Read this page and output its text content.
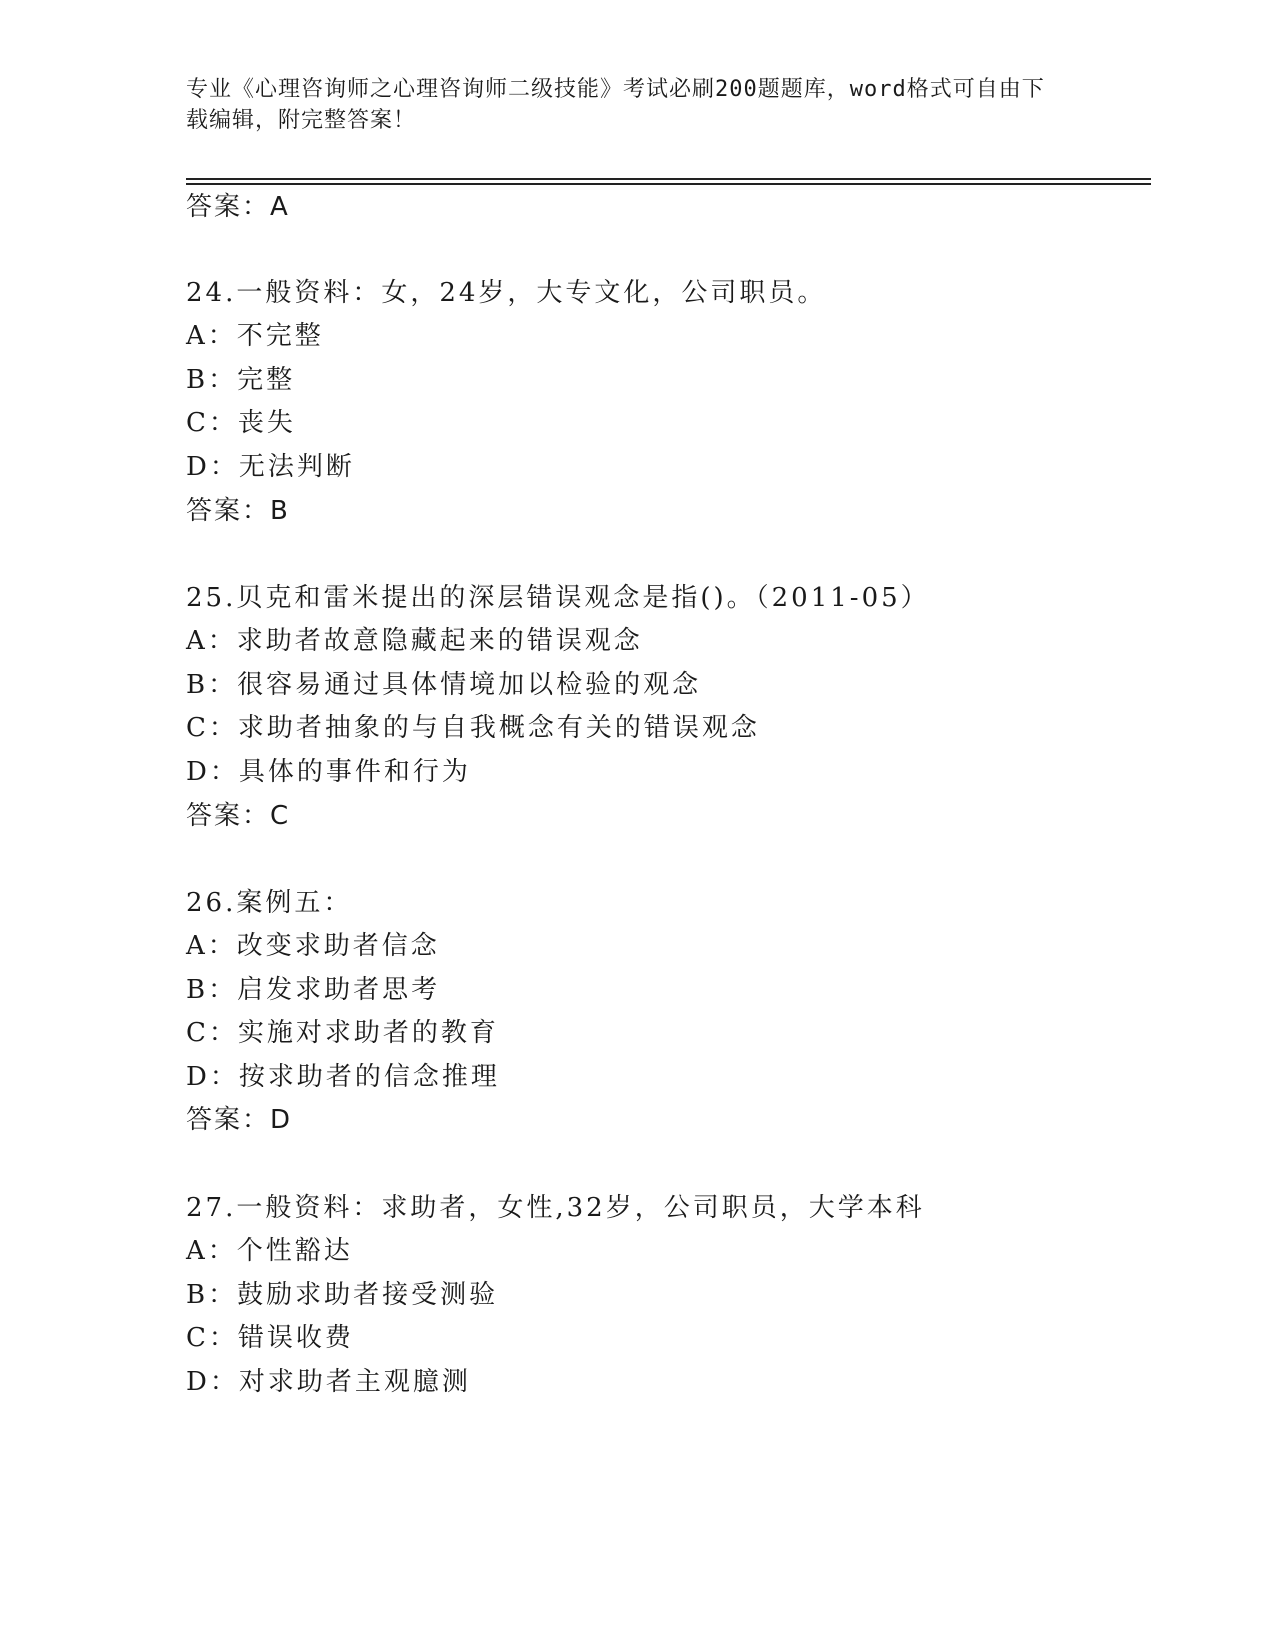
专业《心理咨询师之心理咨询师二级技能》考试必刷200题题库，word格式可自由下载编辑，附完整答案！
答案：A
24.一般资料：女，24岁，大专文化，公司职员。
A：不完整
B：完整
C：丧失
D：无法判断
答案：B
25.贝克和雷米提出的深层错误观念是指()。（2011-05）
A：求助者故意隐藏起来的错误观念
B：很容易通过具体情境加以检验的观念
C：求助者抽象的与自我概念有关的错误观念
D：具体的事件和行为
答案：C
26.案例五：
A：改变求助者信念
B：启发求助者思考
C：实施对求助者的教育
D：按求助者的信念推理
答案：D
27.一般资料：求助者，女性,32岁，公司职员，大学本科
A：个性豁达
B：鼓励求助者接受测验
C：错误收费
D：对求助者主观臆测
